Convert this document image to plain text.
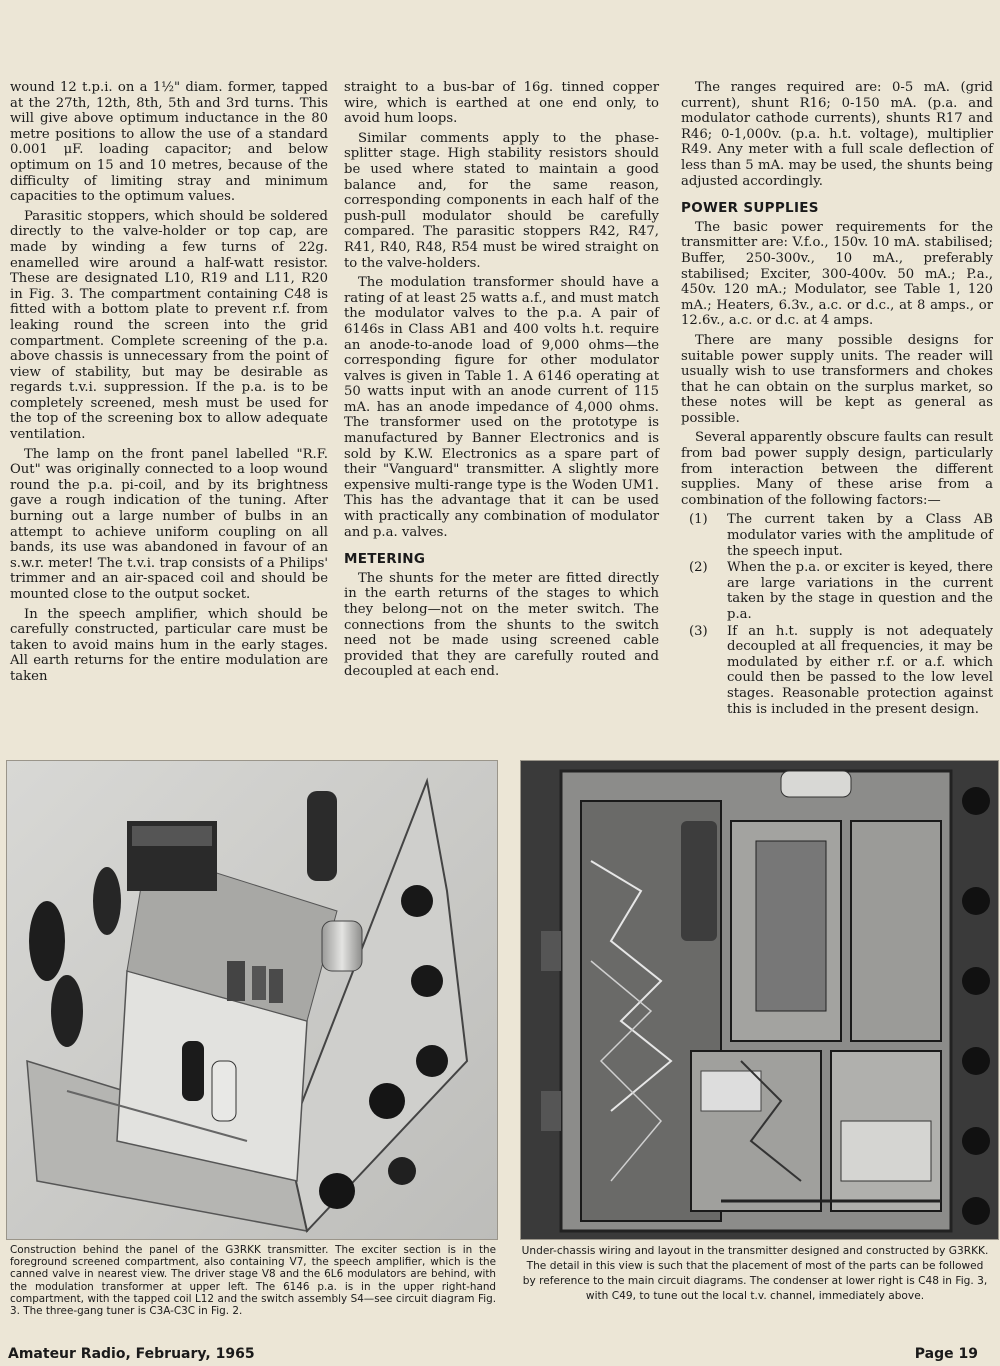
wound 12 t.p.i. on a 1½" diam. former, tapped at the 27th, 12th, 8th, 5th and 3rd turns. This will give above optimum inductance in the 80 metre positions to allow the use of a standard 0.001 μF. loading capacitor; and below optimum on 15 and 10 metres, because of the difficulty of limiting stray and minimum capacities to the optimum values.

Parasitic stoppers, which should be soldered directly to the valve-holder or top cap, are made by winding a few turns of 22g. enamelled wire around a half-watt resistor. These are designated L10, R19 and L11, R20 in Fig. 3. The compartment containing C48 is fitted with a bottom plate to prevent r.f. from leaking round the screen into the grid compartment. Complete screening of the p.a. above chassis is unnecessary from the point of view of stability, but may be desirable as regards t.v.i. suppression. If the p.a. is to be completely screened, mesh must be used for the top of the screening box to allow adequate ventilation.

The lamp on the front panel labelled "R.F. Out" was originally connected to a loop wound round the p.a. pi-coil, and by its brightness gave a rough indication of the tuning. After burning out a large number of bulbs in an attempt to achieve uniform coupling on all bands, its use was abandoned in favour of an s.w.r. meter! The t.v.i. trap consists of a Philips' trimmer and an air-spaced coil and should be mounted close to the output socket.

In the speech amplifier, which should be carefully constructed, particular care must be taken to avoid mains hum in the early stages. All earth returns for the entire modulation are taken

straight to a bus-bar of 16g. tinned copper wire, which is earthed at one end only, to avoid hum loops.

Similar comments apply to the phase-splitter stage. High stability resistors should be used where stated to maintain a good balance and, for the same reason, corresponding components in each half of the push-pull modulator should be carefully compared. The parasitic stoppers R42, R47, R41, R40, R48, R54 must be wired straight on to the valve-holders.

The modulation transformer should have a rating of at least 25 watts a.f., and must match the modulator valves to the p.a. A pair of 6146s in Class AB1 and 400 volts h.t. require an anode-to-anode load of 9,000 ohms—the corresponding figure for other modulator valves is given in Table 1. A 6146 operating at 50 watts input with an anode current of 115 mA. has an anode impedance of 4,000 ohms. The transformer used on the prototype is manufactured by Banner Electronics and is sold by K.W. Electronics as a spare part of their "Vanguard" transmitter. A slightly more expensive multi-range type is the Woden UM1. This has the advantage that it can be used with practically any combination of modulator and p.a. valves.

METERING

The shunts for the meter are fitted directly in the earth returns of the stages to which they belong—not on the meter switch. The connections from the shunts to the switch need not be made using screened cable provided that they are carefully routed and decoupled at each end.

The ranges required are: 0-5 mA. (grid current), shunt R16; 0-150 mA. (p.a. and modulator cathode currents), shunts R17 and R46; 0-1,000v. (p.a. h.t. voltage), multiplier R49. Any meter with a full scale deflection of less than 5 mA. may be used, the shunts being adjusted accordingly.

POWER SUPPLIES

The basic power requirements for the transmitter are: V.f.o., 150v. 10 mA. stabilised; Buffer, 250-300v., 10 mA., preferably stabilised; Exciter, 300-400v. 50 mA.; P.a., 450v. 120 mA.; Modulator, see Table 1, 120 mA.; Heaters, 6.3v., a.c. or d.c., at 8 amps., or 12.6v., a.c. or d.c. at 4 amps.

There are many possible designs for suitable power supply units. The reader will usually wish to use transformers and chokes that he can obtain on the surplus market, so these notes will be kept as general as possible.

Several apparently obscure faults can result from bad power supply design, particularly from interaction between the different supplies. Many of these arise from a combination of the following factors:—

(1)	The current taken by a Class AB modulator varies with the amplitude of the speech input.
(2)	When the p.a. or exciter is keyed, there are large variations in the current taken by the stage in question and the p.a.
(3)	If an h.t. supply is not adequately decoupled at all frequencies, it may be modulated by either r.f. or a.f. which could then be passed to the low level stages. Reasonable protection against this is included in the present design.
Construction behind the panel of the G3RKK transmitter. The exciter section is in the foreground screened compartment, also containing V7, the speech amplifier, which is the canned valve in nearest view. The driver stage V8 and the 6L6 modulators are behind, with the modulation transformer at upper left. The 6146 p.a. is in the upper right-hand compartment, with the tapped coil L12 and the switch assembly S4—see circuit diagram Fig. 3. The three-gang tuner is C3A-C3C in Fig. 2.
Under-chassis wiring and layout in the transmitter designed and constructed by G3RKK. The detail in this view is such that the placement of most of the parts can be followed by reference to the main circuit diagrams. The condenser at lower right is C48 in Fig. 3, with C49, to tune out the local t.v. channel, immediately above.
Amateur Radio, February, 1965	Page 19
